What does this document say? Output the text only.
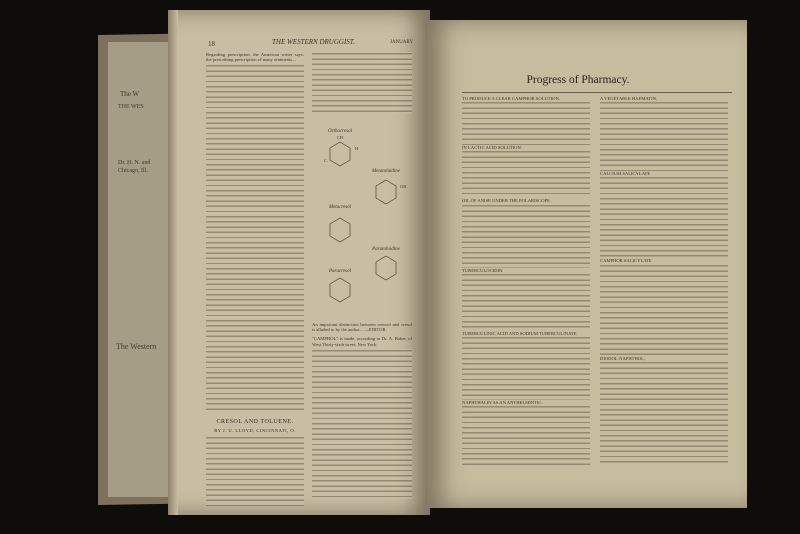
The W
THE WES
Dr. H. N. and
Chicago, Ill.
The Western
18	THE WESTERN DRUGGIST.	JANUARY
Regarding prescription, the American writer says: the prescribing prescription of many ointments...
CRESOL AND TOLUENE.
BY J. U. LLOYD, CINCINNATI, O.
Orthocresol
Metacresol
Paracresol
Metatoluidine
Paratoluidine
CH
H
C
OH
An important distinction between creosol and cresol is alluded to by the author... —EDITOR.
"CAMPHOL" is made, according to Dr. A. Baker, of West Thirty-sixth street, New York.
Progress of Pharmacy.
TO PRODUCE A CLEAR CAMPHOR SOLUTION.
IN LACTIC ACID SOLUTION.
OIL OF ANISE UNDER THE POLARISCOPE.
TUBERCULOCIDIN
TUBERCULINIC ACID AND SODIUM TUBERCULINATE
NAPHTHALIN AS AN ANTHELMINTIC.
A VEGETABLE HAEMATIN,
CALCIUM SALICYLATE
CAMPHOR SALICYLATE
DIODOL-NAPHTHOL,
